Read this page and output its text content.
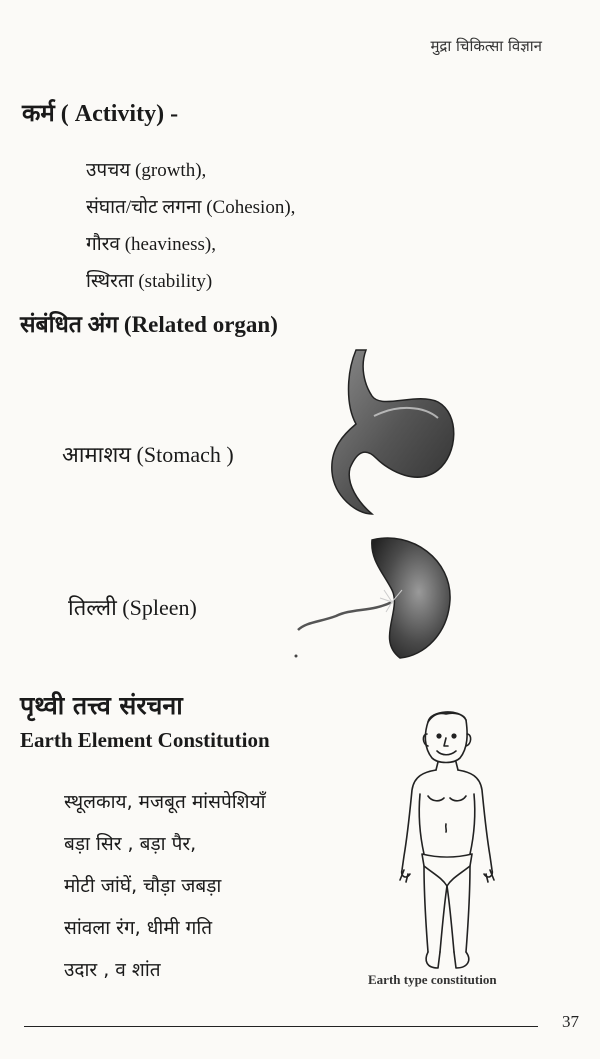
मुद्रा चिकित्सा विज्ञान
कर्म ( Activity) -
उपचय (growth),
संघात/चोट लगना (Cohesion),
गौरव (heaviness),
स्थिरता (stability)
संबंधित अंग (Related organ)
आमाशय (Stomach )
तिल्ली (Spleen)
पृथ्वी तत्त्व संरचना
Earth Element Constitution
स्थूलकाय, मजबूत मांसपेशियाँ
बड़ा सिर , बड़ा पैर,
मोटी जांघें, चौड़ा जबड़ा
सांवला रंग, धीमी गति
उदार , व शांत	Earth type constitution
37
